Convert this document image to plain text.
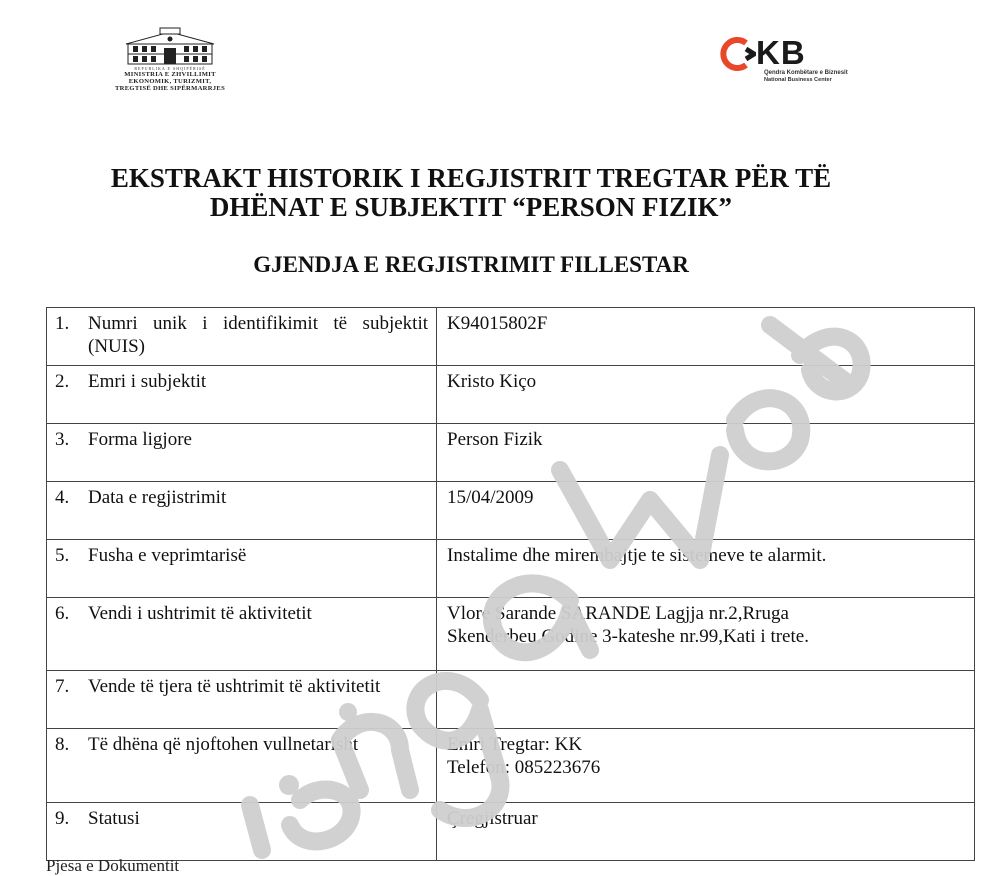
REPUBLIKA E SHQIPËRISË
MINISTRIA E ZHVILLIMIT
EKONOMIK, TURIZMIT,
TREGTISË DHE SIPËRMARRJES
KB
Qendra Kombëtare e Biznesit
National Business Center
EKSTRAKT HISTORIK I REGJISTRIT TREGTAR PËR TË
DHËNAT E SUBJEKTIT “PERSON FIZIK”
GJENDJA E REGJISTRIMIT FILLESTAR
1. Numri unik i identifikimit të subjektit (NUIS)	K94015802F

2. Emri i subjektit	Kristo Kiço

3. Forma ligjore	Person Fizik

4. Data e regjistrimit	15/04/2009

5. Fusha e veprimtarisë	Instalime dhe mirembajtje te sistemeve te alarmit.

6. Vendi i ushtrimit të aktivitetit	Vlore Sarande SARANDE Lagjja nr.2,Rruga
Skenderbeu,Godine 3-kateshe nr.99,Kati i trete.

7. Vende të tjera të ushtrimit të aktivitetit	

8. Të dhëna që njoftohen vullnetarisht	Emri Tregtar: KK
Telefon: 085223676

9. Statusi	Çregjistruar
Pjesa e Dokumentit
